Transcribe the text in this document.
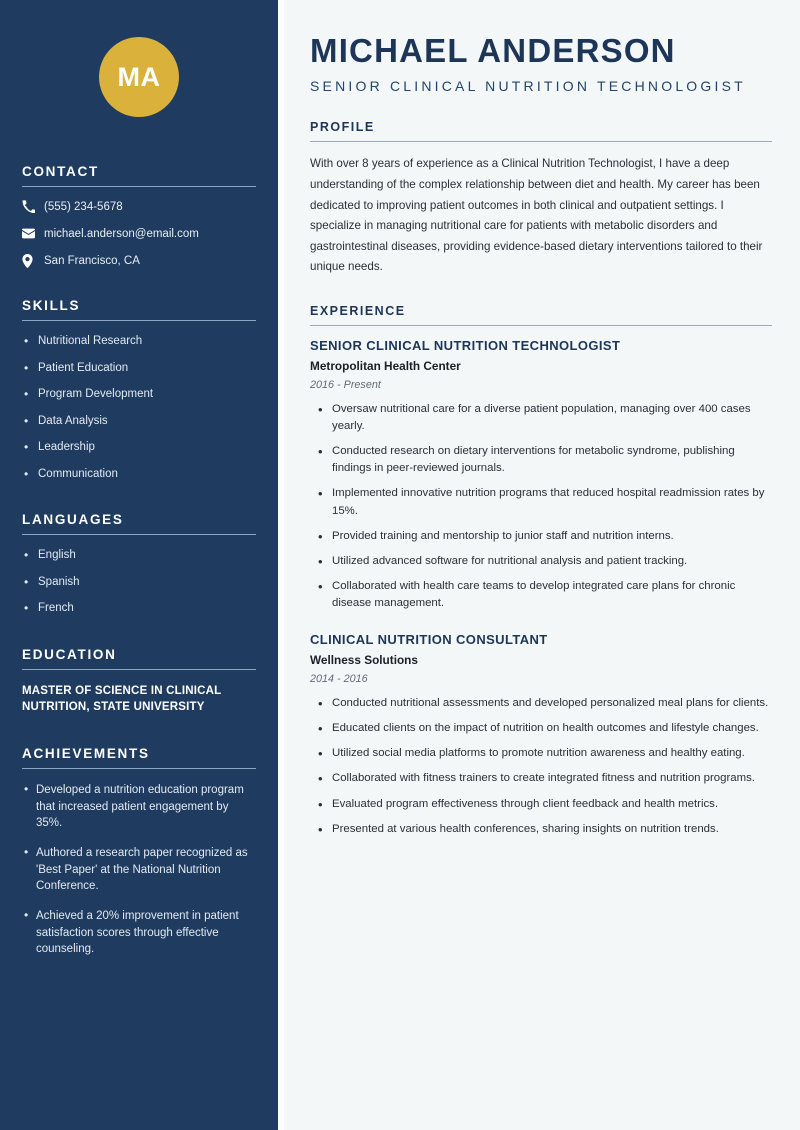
MA
CONTACT
(555) 234-5678
michael.anderson@email.com
San Francisco, CA
SKILLS
• Nutritional Research
• Patient Education
• Program Development
• Data Analysis
• Leadership
• Communication
LANGUAGES
• English
• Spanish
• French
EDUCATION
MASTER OF SCIENCE IN CLINICAL NUTRITION, STATE UNIVERSITY
ACHIEVEMENTS
• Developed a nutrition education program that increased patient engagement by 35%.
• Authored a research paper recognized as 'Best Paper' at the National Nutrition Conference.
• Achieved a 20% improvement in patient satisfaction scores through effective counseling.
MICHAEL ANDERSON
SENIOR CLINICAL NUTRITION TECHNOLOGIST
PROFILE

With over 8 years of experience as a Clinical Nutrition Technologist, I have a deep understanding of the complex relationship between diet and health. My career has been dedicated to improving patient outcomes in both clinical and outpatient settings. I specialize in managing nutritional care for patients with metabolic disorders and gastrointestinal diseases, providing evidence-based dietary interventions tailored to their unique needs.

EXPERIENCE
SENIOR CLINICAL NUTRITION TECHNOLOGIST
Metropolitan Health Center
2016 - Present
• Oversaw nutritional care for a diverse patient population, managing over 400 cases yearly.
• Conducted research on dietary interventions for metabolic syndrome, publishing findings in peer-reviewed journals.
• Implemented innovative nutrition programs that reduced hospital readmission rates by 15%.
• Provided training and mentorship to junior staff and nutrition interns.
• Utilized advanced software for nutritional analysis and patient tracking.
• Collaborated with health care teams to develop integrated care plans for chronic disease management.
CLINICAL NUTRITION CONSULTANT
Wellness Solutions
2014 - 2016
• Conducted nutritional assessments and developed personalized meal plans for clients.
• Educated clients on the impact of nutrition on health outcomes and lifestyle changes.
• Utilized social media platforms to promote nutrition awareness and healthy eating.
• Collaborated with fitness trainers to create integrated fitness and nutrition programs.
• Evaluated program effectiveness through client feedback and health metrics.
• Presented at various health conferences, sharing insights on nutrition trends.
